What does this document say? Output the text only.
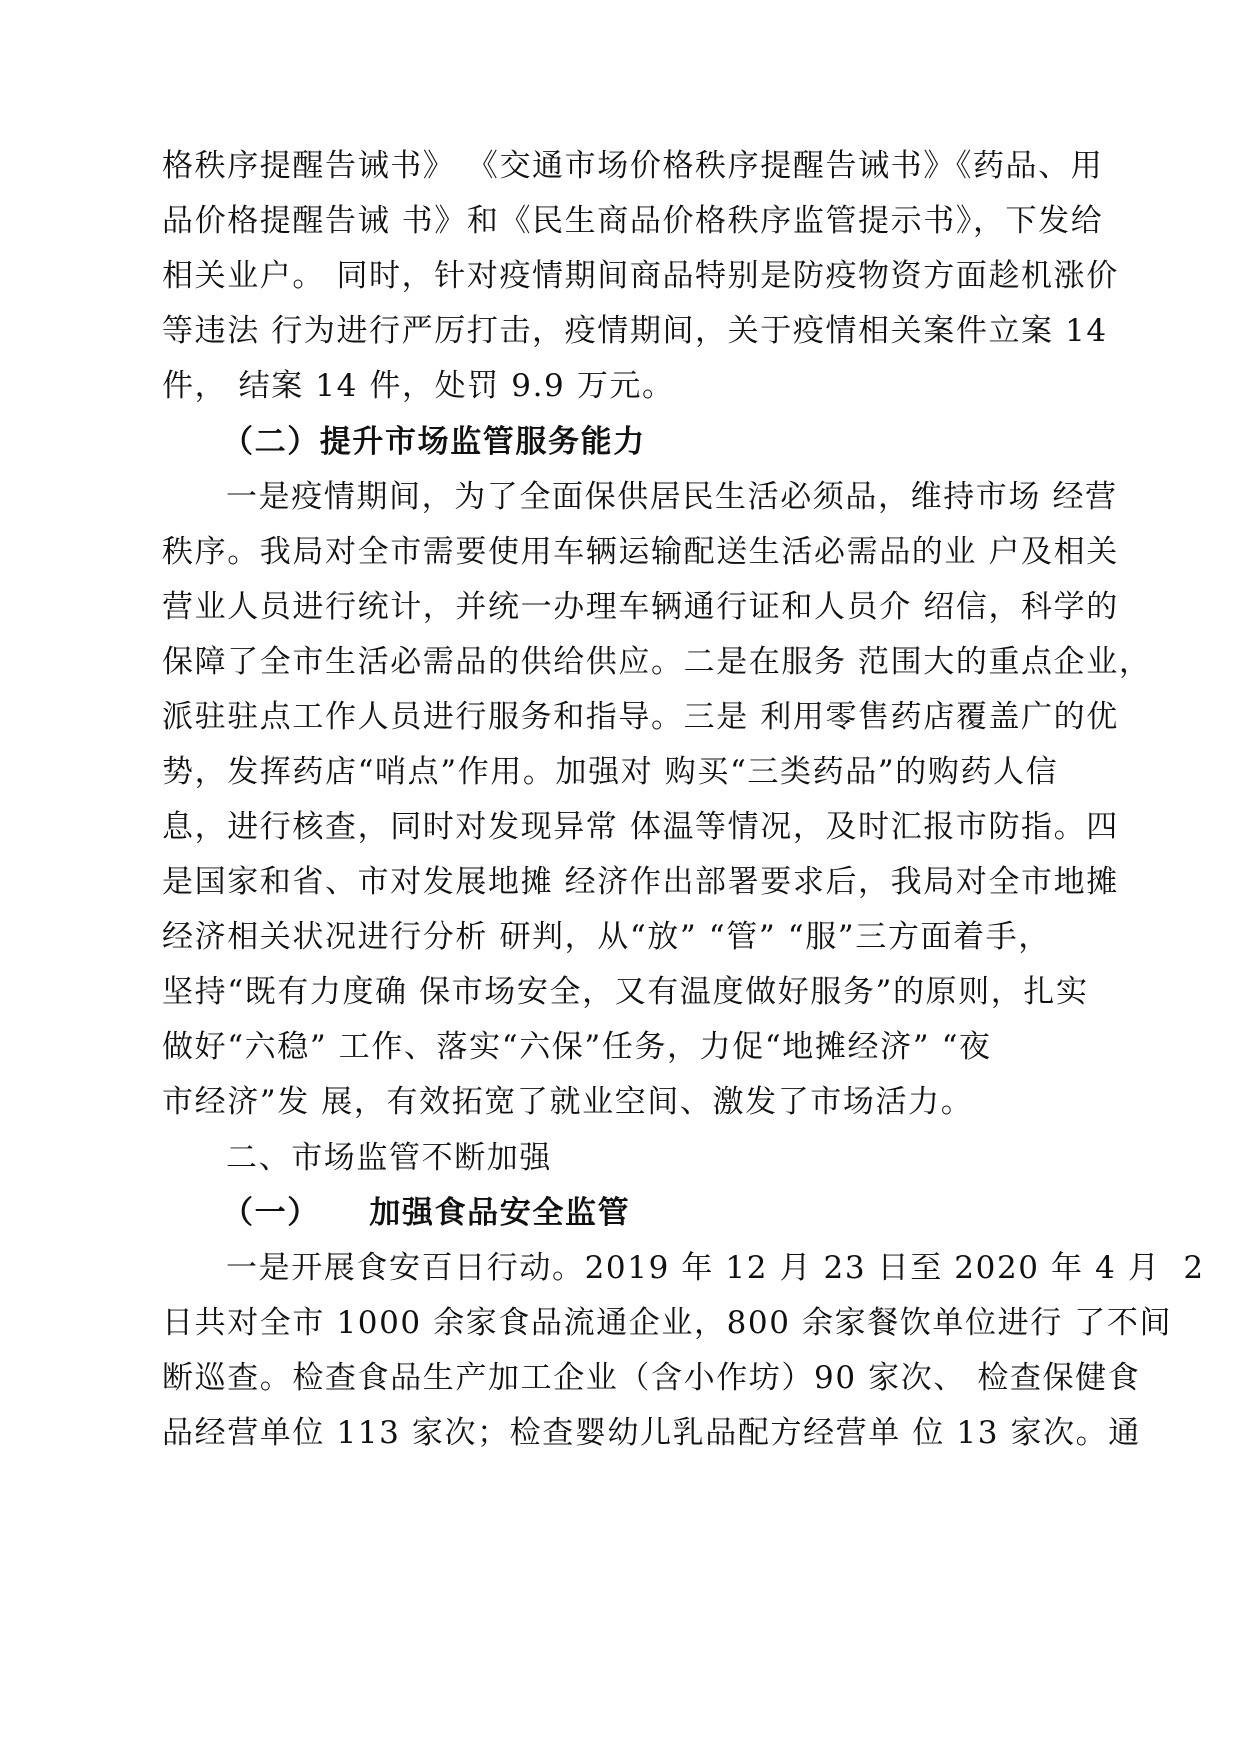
格秩序提醒告诫书》 《交通市场价格秩序提醒告诫书》《药品、用
品价格提醒告诫 书》和《民生商品价格秩序监管提示书》，下发给
相关业户。 同时，针对疫情期间商品特别是防疫物资方面趁机涨价
等违法 行为进行严厉打击，疫情期间，关于疫情相关案件立案 14
件， 结案 14 件，处罚 9.9 万元。
（二）提升市场监管服务能力
一是疫情期间，为了全面保供居民生活必须品，维持市场 经营
秩序。我局对全市需要使用车辆运输配送生活必需品的业 户及相关
营业人员进行统计，并统一办理车辆通行证和人员介 绍信，科学的
保障了全市生活必需品的供给供应。二是在服务 范围大的重点企业，
派驻驻点工作人员进行服务和指导。三是 利用零售药店覆盖广的优
势，发挥药店“哨点”作用。加强对 购买“三类药品”的购药人信
息，进行核查，同时对发现异常 体温等情况，及时汇报市防指。四
是国家和省、市对发展地摊 经济作出部署要求后，我局对全市地摊
经济相关状况进行分析 研判，从“放” “管” “服”三方面着手，
坚持“既有力度确 保市场安全，又有温度做好服务”的原则，扎实
做好“六稳” 工作、落实“六保”任务，力促“地摊经济” “夜
市经济”发 展，有效拓宽了就业空间、激发了市场活力。
二、市场监管不断加强
（一）    加强食品安全监管
一是开展食安百日行动。2019 年 12 月 23 日至 2020 年 4 月  2
日共对全市 1000 余家食品流通企业，800 余家餐饮单位进行 了不间
断巡查。检查食品生产加工企业（含小作坊）90 家次、 检查保健食
品经营单位 113 家次；检查婴幼儿乳品配方经营单 位 13 家次。通
